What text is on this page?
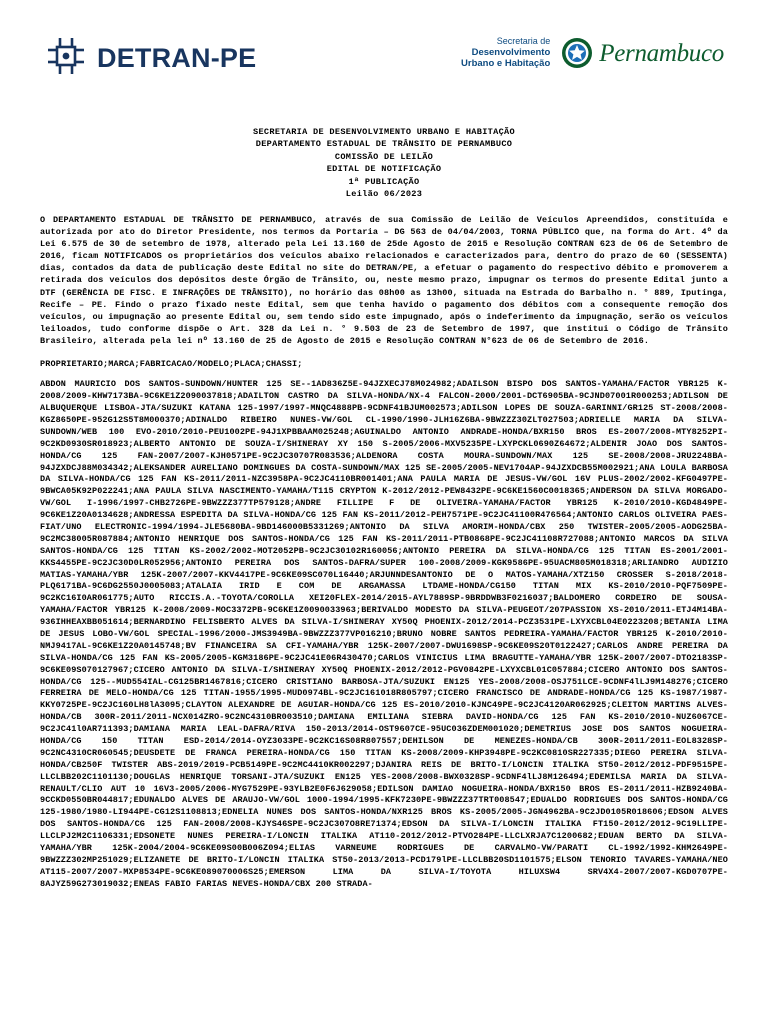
DETRAN-PE
Secretaria de
Desenvolvimento
Urbano e Habitação Pernambuco
SECRETARIA DE DESENVOLVIMENTO URBANO E HABITAÇÃO
DEPARTAMENTO ESTADUAL DE TRÂNSITO DE PERNAMBUCO
COMISSÃO DE LEILÃO
EDITAL DE NOTIFICAÇÃO
1ª PUBLICAÇÃO
Leilão 06/2023
O DEPARTAMENTO ESTADUAL DE TRÂNSITO DE PERNAMBUCO, através de sua Comissão de Leilão de Veículos Apreendidos, constituída e autorizada por ato do Diretor Presidente, nos termos da Portaria – DG 563 de 04/04/2003, TORNA PÚBLICO que, na forma do Art. 4º da Lei 6.575 de 30 de setembro de 1978, alterado pela Lei 13.160 de 25de Agosto de 2015 e Resolução CONTRAN 623 de 06 de Setembro de 2016, ficam NOTIFICADOS os proprietários dos veículos abaixo relacionados e caracterizados para, dentro do prazo de 60 (SESSENTA) dias, contados da data de publicação deste Edital no site do DETRAN/PE, a efetuar o pagamento do respectivo débito e promoverem a retirada dos veículos dos depósitos deste Órgão de Trânsito, ou, neste mesmo prazo, impugnar os termos do presente Edital junto a DTF (GERÊNCIA DE FISC. E INFRAÇÕES DE TRÂNSITO), no horário das 08h00 as 13h00, situada na Estrada do Barbalho n. ° 889, Iputinga, Recife – PE. Findo o prazo fixado neste Edital, sem que tenha havido o pagamento dos débitos com a consequente remoção dos veículos, ou impugnação ao presente Edital ou, sem tendo sido este impugnado, após o indeferimento da impugnação, serão os veículos leiloados, tudo conforme dispõe o Art. 328 da Lei n. ° 9.503 de 23 de Setembro de 1997, que institui o Código de Trânsito Brasileiro, alterada pela lei nº 13.160 de 25 de Agosto de 2015 e Resolução CONTRAN N°623 de 06 de Setembro de 2016.
PROPRIETARIO;MARCA;FABRICACAO/MODELO;PLACA;CHASSI;
ABDON MAURICIO DOS SANTOS-SUNDOWN/HUNTER 125 SE--1AD836Z5E-94JZXECJ78M024982;ADAILSON BISPO DOS SANTOS-YAMAHA/FACTOR YBR125 K-2008/2009-KHW7173BA-9C6KE1Z2090037818;ADAILTON CASTRO DA SILVA-HONDA/NX-4 FALCON-2000/2001-DCT6905BA-9CJND07001R000253;ADILSON DE ALBUQUERQUE LISBOA-JTA/SUZUKI KATANA 125-1997/1997-MNQC4888PB-9CDNF41BJUM002573;ADILSON LOPES DE SOUZA-GARINNI/GR125 ST-2008/2008-KGZ8650PE-952G12S5T8M000370;ADINALDO RIBEIRO NUNES-VW/GOL CL-1990/1990-JLH16Z6BA-9BWZZZ30ZLT027503;ADRIELLE MARIA DA SILVA-SUNDOWN/WEB 100 EVO-2010/2010-PEU1002PE-94J1XPBBAAM025248;AGUINALDO ANTONIO ANDRADE-HONDA/BXR150 BROS ES-2007/2008-MTY8252PI-9C2KD0930SR018923;ALBERTO ANTONIO DE SOUZA-I/SHINERAY XY 150 S-2005/2006-MXV5235PE-LXYPCKL0690Z64672;ALDENIR JOAO DOS SANTOS-HONDA/CG 125 FAN-2007/2007-KJH0571PE-9C2JC30707R083536;ALDENORA COSTA MOURA-SUNDOWN/MAX 125 SE-2008/2008-JRU2248BA-94JZXDCJ88M034342;ALEKSANDER AURELIANO DOMINGUES DA COSTA-SUNDOWN/MAX 125 SE-2005/2005-NEV1704AP-94JZXDCB55M002921;ANA LOULA BARBOSA DA SILVA-HONDA/CG 125 FAN KS-2011/2011-NZC3958PA-9C2JC4110BR001401;ANA PAULA MARIA DE JESUS-VW/GOL 16V PLUS-2002/2002-KFG0497PE-9BWCA05K92P022241;ANA PAULA SILVA NASCIMENTO-YAMAHA/T115 CRYPTON K-2012/2012-PEW8432PE-9C6KE1560C0018365;ANDERSON DA SILVA MORGADO-VW/GOL I-1996/1997-CHB2726PE-9BWZZZ377TP579128;ANDRE FILLIPE F DE OLIVEIRA-YAMAHA/FACTOR YBR125 K-2010/2010-KGD4849PE-9C6KE1Z20A0134628;ANDRESSA ESPEDITA DA SILVA-HONDA/CG 125 FAN KS-2011/2012-PEH7571PE-9C2JC41100R476564;ANTONIO CARLOS OLIVEIRA PAES-FIAT/UNO ELECTRONIC-1994/1994-JLE5680BA-9BD146000B5331269;ANTONIO DA SILVA AMORIM-HONDA/CBX 250 TWISTER-2005/2005-AODG25BA-9C2MC38005R087884;ANTONIO HENRIQUE DOS SANTOS-HONDA/CG 125 FAN KS-2011/2011-PTB0868PE-9C2JC41108R727088;ANTONIO MARCOS DA SILVA SANTOS-HONDA/CG 125 TITAN KS-2002/2002-MOT2052PB-9C2JC30102R160056;ANTONIO PEREIRA DA SILVA-HONDA/CG 125 TITAN ES-2001/2001-KKS4455PE-9C2JC30D0LR052956;ANTONIO PEREIRA DOS SANTOS-DAFRA/SUPER 100-2008/2009-KGK9586PE-95UACM805M018318;ARLIANDRO AUDIZIO MATIAS-YAMAHA/YBR 125K-2007/2007-KKV4417PE-9C6KE09SC070L16440;ARJUNNDESANTONIO DE O MATOS-YAMAHA/XTZ150 CROSSER S-2018/2018-PLQ6171BA-9C6DG2550J0005083;ATALAIA IRID E COM DE ARGAMASSA LTDAME-HONDA/CG150 TITAN MIX KS-2010/2010-PQF7509PE-9C2KC16I0AR061775;AUTO RICCIS.A.-TOYOTA/COROLLA XEI20FLEX-2014/2015-AYL7889SP-9BRDDWB3F0216037;BALDOMERO CORDEIRO DE SOUSA-YAMAHA/FACTOR YBR125 K-2008/2009-MOC3372PB-9C6KE1Z0090033963;BERIVALDO MODESTO DA SILVA-PEUGEOT/207PASSION XS-2010/2011-ETJ4M14BA-936IHHEAXBB051614;BERNARDINO FELISBERTO ALVES DA SILVA-I/SHINERAY XY50Q PHOENIX-2012/2014-PCZ3531PE-LXYXCBL04E0223208;BETANIA LIMA DE JESUS LOBO-VW/GOL SPECIAL-1996/2000-JMS3949BA-9BWZZZ377VP016210;BRUNO NOBRE SANTOS PEDREIRA-YAMAHA/FACTOR YBR125 K-2010/2010-NMJ9417AL-9C6KE1Z20A0145748;BV FINANCEIRA SA CFI-YAMAHA/YBR 125K-2007/2007-DWU1698SP-9C6KE09S20T0122427;CARLOS ANDRE PEREIRA DA SILVA-HONDA/CG 125 FAN KS-2005/2005-KGM3186PE-9C2JC41E06R430470;CARLOS VINICIUS LIMA BRAGUTTE-YAMAHA/YBR 125K-2007/2007-DTO2183SP-9C6KE09S070127967;CICERO ANTONIO DA SILVA-I/SHINERAY XY50Q PHOENIX-2012/2012-PGV0842PE-LXYXCBL01C057884;CICERO ANTONIO DOS SANTOS-HONDA/CG 125--MUD554IAL-CG125BR1467816;CICERO CRISTIANO BARBOSA-JTA/SUZUKI EN125 YES-2008/2008-OSJ751LCE-9CDNF4lLJ9M148276;CICERO FERREIRA DE MELO-HONDA/CG 125 TITAN-1955/1995-MUD0974BL-9C2JC161018R805797;CICERO FRANCISCO DE ANDRADE-HONDA/CG 125 KS-1987/1987-KKY0725PE-9C2JC160LH8lA3095;CLAYTON ALEXANDRE DE AGUIAR-HONDA/CG 125 ES-2010/2010-KJNC49PE-9C2JC4120AR062925;CLEITON MARTINS ALVES-HONDA/CB 300R-2011/2011-NCX014ZRO-9C2NC4310BR003510;DAMIANA EMILIANA SIEBRA DAVID-HONDA/CG 125 FAN KS-2010/2010-NUZ6067CE-9C2JC41l0AR711393;DAMIANA MARIA LEAL-DAFRA/RIVA 150-2013/2014-OST9607CE-95UC036ZDEM001020;DEMETRIUS JOSE DOS SANTOS NOGUEIRA-HONDA/CG 150 TITAN ESD-2014/2014-OYZ3033PE-9C2KC16S08R807557;DEHILSON DE MENEZES-HONDA/CB 300R-2011/2011-EOL8328SP-9C2NC4310CR060545;DEUSDETE DE FRANCA PEREIRA-HONDA/CG 150 TITAN KS-2008/2009-KHP3948PE-9C2KC0810SR227335;DIEGO PEREIRA SILVA-HONDA/CB250F TWISTER ABS-2019/2019-PCB5149PE-9C2MC4410KR002297;DJANIRA REIS DE BRITO-I/LONCIN ITALIKA ST50-2012/2012-PDF9515PE-LLCLBB202C1101130;DOUGLAS HENRIQUE TORSANI-JTA/SUZUKI EN125 YES-2008/2008-BWX0328SP-9CDNF4lLJ8M126494;EDEMILSA MARIA DA SILVA-RENAULT/CLIO AUT 10 16V3-2005/2006-MYG7529PE-93YLB2E0F6J629058;EDILSON DAMIAO NOGUEIRA-HONDA/BXR150 BROS ES-2011/2011-HZB9240BA-9CCKD0550BR044817;EDUNALDO ALVES DE ARAUJO-VW/GOL 1000-1994/1995-KFK7230PE-9BWZZZ37TRT008547;EDUALDO RODRIGUES DOS SANTOS-HONDA/CG 125-1980/1980-LI944PE-CG12S1108813;EDNELIA NUNES DOS SANTOS-HONDA/NXR125 BROS KS-2005/2005-JGN4962BA-9C2JD0105R018606;EDSON ALVES DOS SANTOS-HONDA/CG 125 FAN-2008/2008-KJYS46SPE-9C2JC307O8RE71374;EDSON DA SILVA-I/LONCIN ITALIKA FT150-2012/2012-9C19LLIPE-LLCLPJ2M2C1106331;EDSONETE NUNES PEREIRA-I/LONCIN ITALIKA AT110-2012/2012-PTVO284PE-LLCLXRJA7C1200682;EDUAN BERTO DA SILVA-YAMAHA/YBR 125K-2004/2004-9C6KE09S00B006Z094;ELIAS VARNEUME RODRIGUES DE CARVALMO-VW/PARATI CL-1992/1992-KHM2649PE-9BWZZZ302MP251029;ELIZANETE DE BRITO-I/LONCIN ITALIKA ST50-2013/2013-PCD179lPE-LLCLBB20SD1101575;ELSON TENORIO TAVARES-YAMAHA/NEO AT115-2007/2007-MXP8534PE-9C6KE089070006S25;EMERSON LIMA DA SILVA-I/TOYOTA HILUXSW4 SRV4X4-2007/2007-KGD0707PE-8AJYZ59G273019032;ENEAS FABIO FARIAS NEVES-HONDA/CBX 200 STRADA-
